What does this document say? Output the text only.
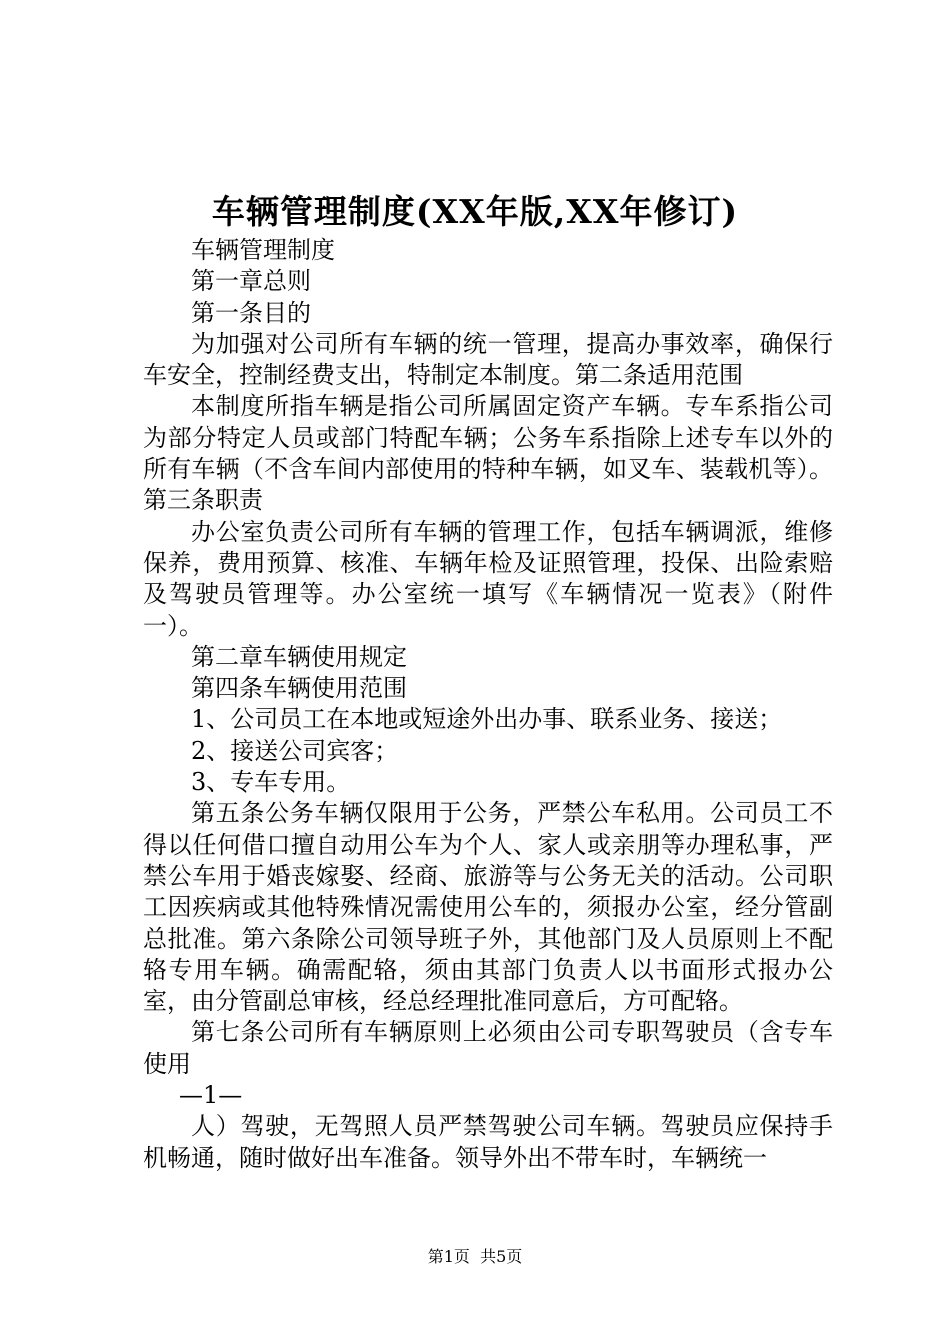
车辆管理制度(XX年版,XX年修订)

车辆管理制度

第一章总则

第一条目的

为加强对公司所有车辆的统一管理，提高办事效率，确保行车安全，控制经费支出，特制定本制度。第二条适用范围

本制度所指车辆是指公司所属固定资产车辆。专车系指公司为部分特定人员或部门特配车辆；公务车系指除上述专车以外的所有车辆（不含车间内部使用的特种车辆，如叉车、装载机等）。第三条职责

办公室负责公司所有车辆的管理工作，包括车辆调派，维修保养，费用预算、核准、车辆年检及证照管理，投保、出险索赔及驾驶员管理等。办公室统一填写《车辆情况一览表》（附件一）。

第二章车辆使用规定

第四条车辆使用范围

1、公司员工在本地或短途外出办事、联系业务、接送；

2、接送公司宾客；

3、专车专用。

第五条公务车辆仅限用于公务，严禁公车私用。公司员工不得以任何借口擅自动用公车为个人、家人或亲朋等办理私事，严禁公车用于婚丧嫁娶、经商、旅游等与公务无关的活动。公司职工因疾病或其他特殊情况需使用公车的，须报办公室，经分管副总批准。第六条除公司领导班子外，其他部门及人员原则上不配辂专用车辆。确需配辂，须由其部门负责人以书面形式报办公室，由分管副总审核，经总经理批准同意后，方可配辂。

第七条公司所有车辆原则上必须由公司专职驾驶员（含专车使用

—1—

人）驾驶，无驾照人员严禁驾驶公司车辆。驾驶员应保持手机畅通，随时做好出车准备。领导外出不带车时，车辆统一

第1页  共5页
